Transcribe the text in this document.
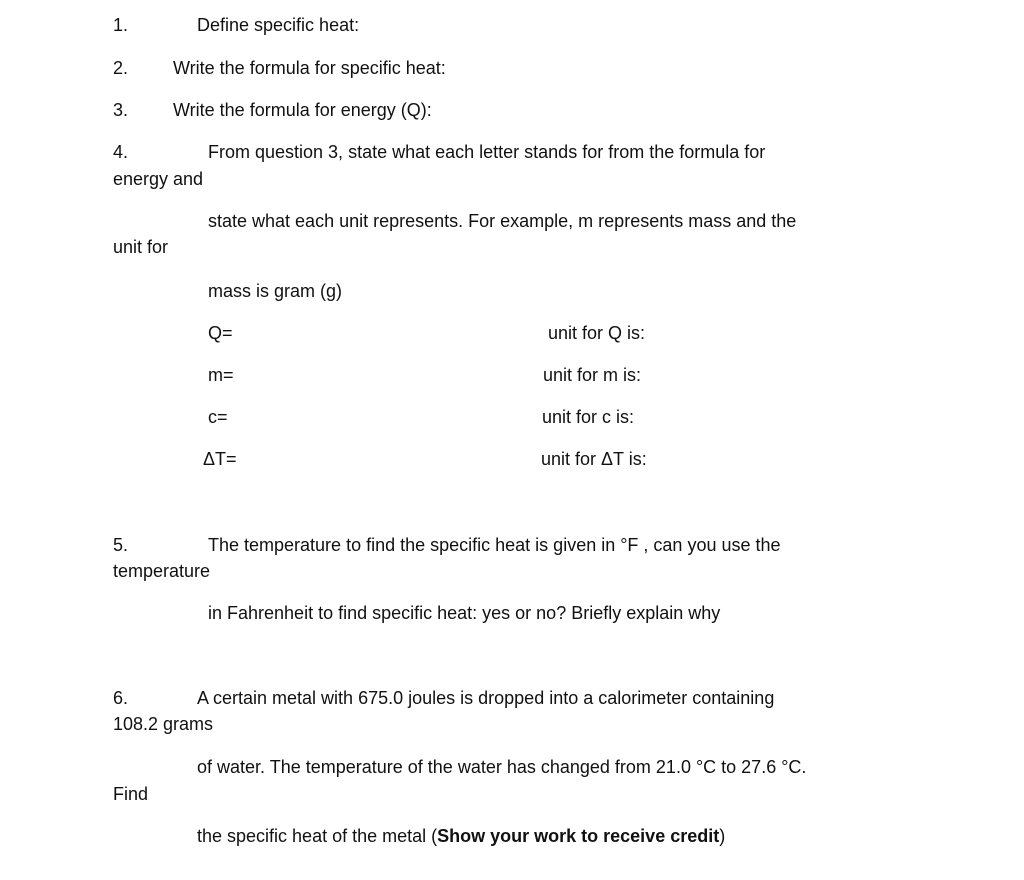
1.	Define specific heat:
2. Write the formula for specific heat:
3. Write the formula for energy (Q):
4.	From question 3, state what each letter stands for from the formula for
energy and
state what each unit represents. For example, m represents mass and the
unit for
mass is gram (g)
Q=	unit for Q is:
m=	unit for m is:
c=	unit for c is:
ΔT=	unit for ΔT is:
5.	The temperature to find the specific heat is given in °F , can you use the
temperature
in Fahrenheit to find specific heat: yes or no? Briefly explain why
6.	A certain metal with 675.0 joules is dropped into a calorimeter containing
108.2 grams
of water. The temperature of the water has changed from 21.0 °C to 27.6 °C.
Find
the specific heat of the metal (Show your work to receive credit)
